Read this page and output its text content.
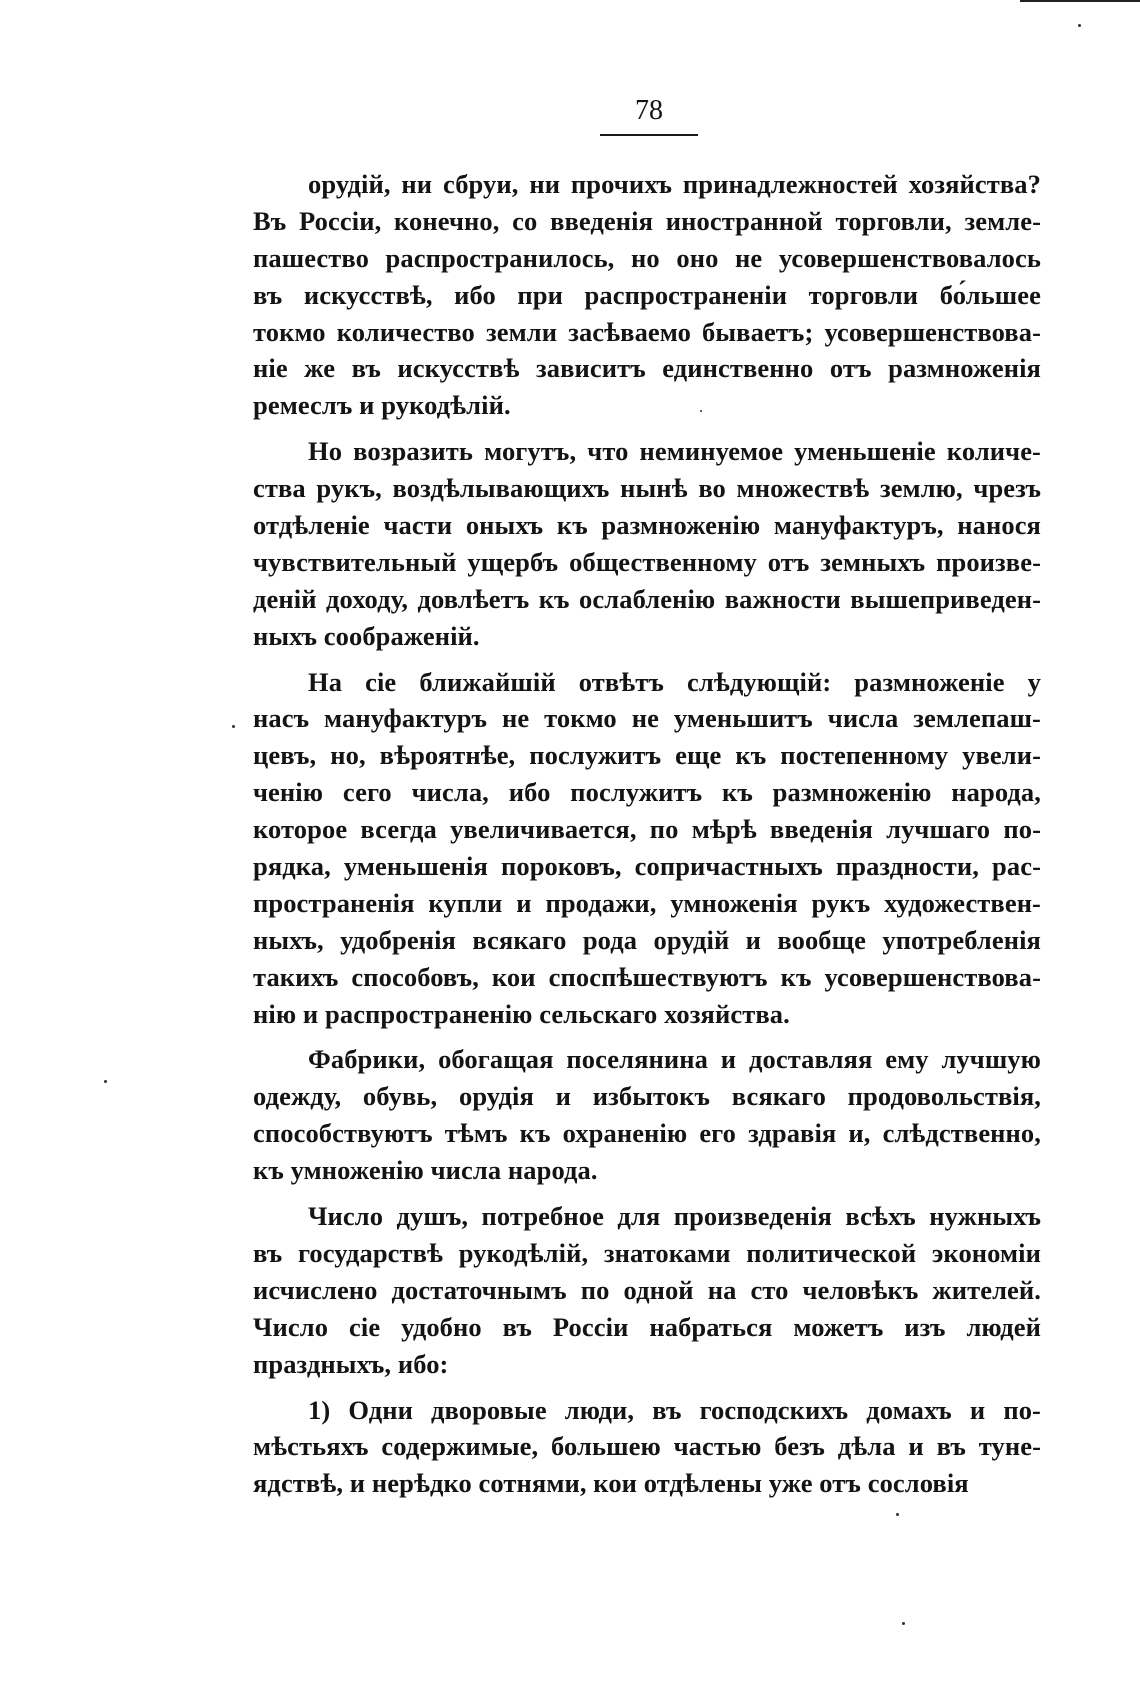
78
орудій, ни сбруи, ни прочихъ принадлежностей хозяйства?
Въ Россіи, конечно, со введенія иностранной торговли, земле-
пашество распространилось, но оно не усовершенствовалось
въ искусствѣ, ибо при распространеніи торговли бо́льшее
токмо количество земли засѣваемо бываетъ; усовершенствова-
ніе же въ искусствѣ зависитъ единственно отъ размноженія
ремеслъ и рукодѣлій.
Но возразить могутъ, что неминуемое уменьшеніе количе-
ства рукъ, воздѣлывающихъ нынѣ во множествѣ землю, чрезъ
отдѣленіе части оныхъ къ размноженію мануфактуръ, нанося
чувствительный ущербъ общественному отъ земныхъ произве-
деній доходу, довлѣетъ къ ослабленію важности вышеприведен-
ныхъ соображеній.
На сіе ближайшій отвѣтъ слѣдующій: размноженіе у
насъ мануфактуръ не токмо не уменьшитъ числа землепаш-
цевъ, но, вѣроятнѣе, послужитъ еще къ постепенному увели-
ченію сего числа, ибо послужитъ къ размноженію народа,
которое всегда увеличивается, по мѣрѣ введенія лучшаго по-
рядка, уменьшенія пороковъ, сопричастныхъ праздности, рас-
пространенія купли и продажи, умноженія рукъ художествен-
ныхъ, удобренія всякаго рода орудій и вообще употребленія
такихъ способовъ, кои споспѣшествуютъ къ усовершенствова-
нію и распространенію сельскаго хозяйства.
Фабрики, обогащая поселянина и доставляя ему лучшую
одежду, обувь, орудія и избытокъ всякаго продовольствія,
способствуютъ тѣмъ къ охраненію его здравія и, слѣдственно,
къ умноженію числа народа.
Число душъ, потребное для произведенія всѣхъ нужныхъ
въ государствѣ рукодѣлій, знатоками политической экономіи
исчислено достаточнымъ по одной на сто человѣкъ жителей.
Число сіе удобно въ Россіи набраться можетъ изъ людей
праздныхъ, ибо:
1) Одни дворовые люди, въ господскихъ домахъ и по-
мѣстьяхъ содержимые, большею частью безъ дѣла и въ туне-
ядствѣ, и нерѣдко сотнями, кои отдѣлены уже отъ сословія
